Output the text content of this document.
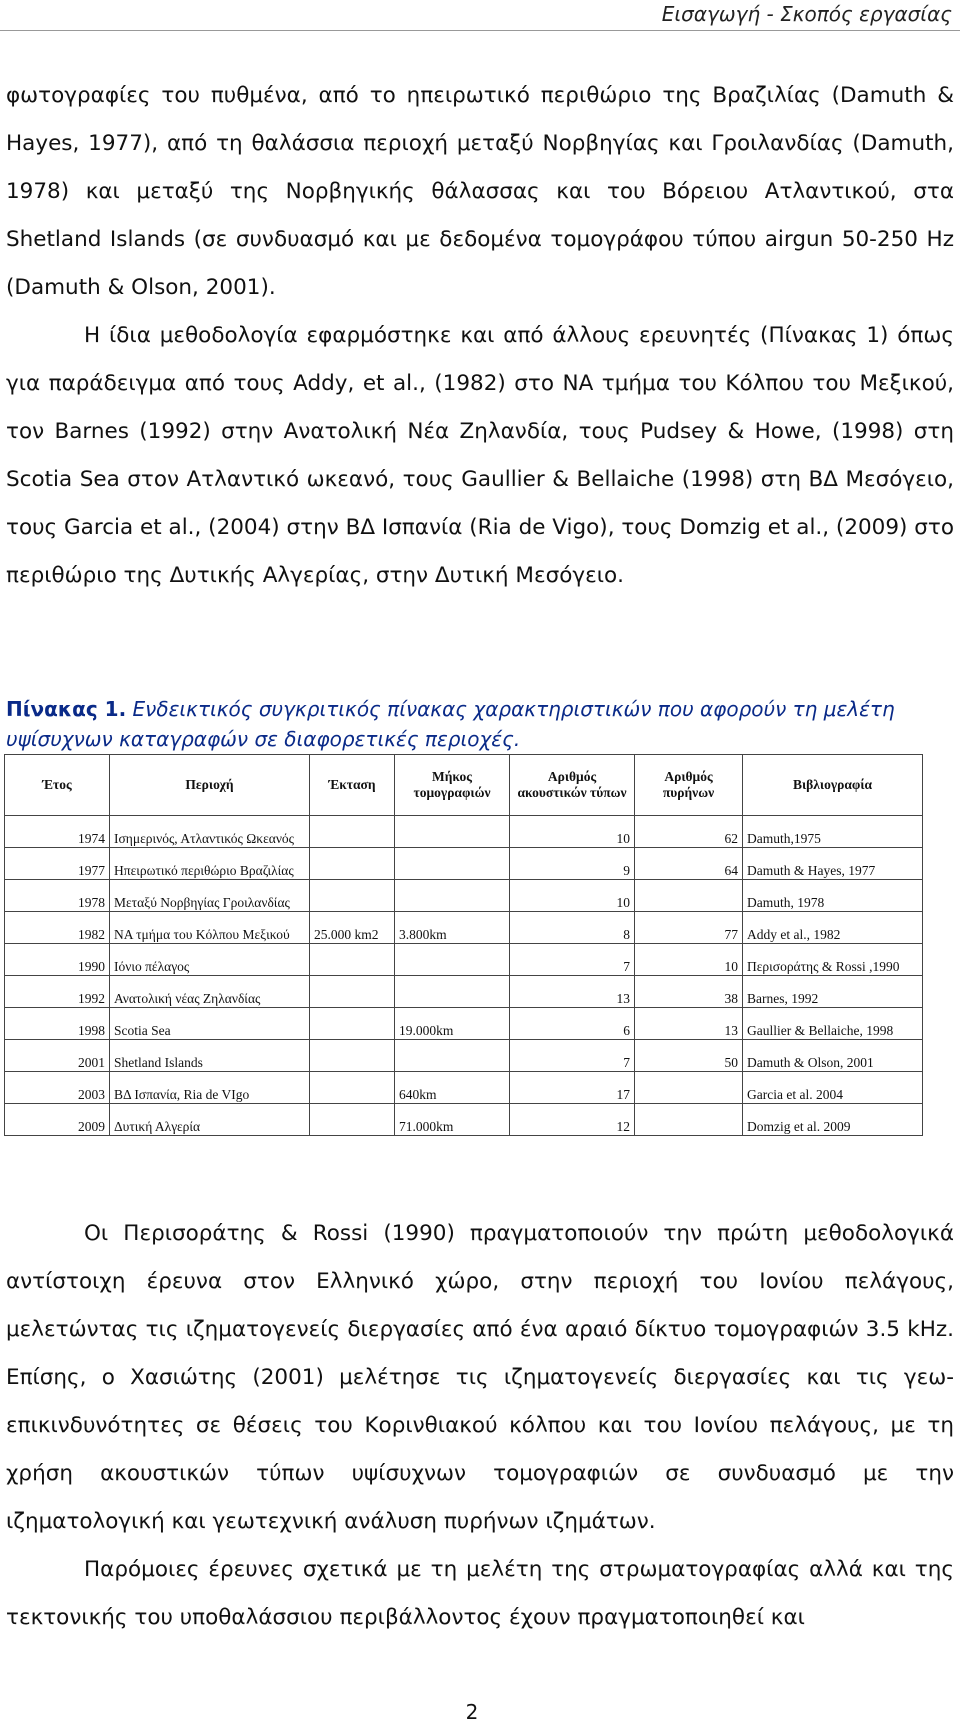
Εισαγωγή - Σκοπός εργασίας

φωτογραφίες του πυθμένα, από το ηπειρωτικό περιθώριο της Βραζιλίας (Damuth & Hayes, 1977), από τη θαλάσσια περιοχή μεταξύ Νορβηγίας και Γροιλανδίας (Damuth, 1978) και μεταξύ της Νορβηγικής θάλασσας και του Βόρειου Ατλαντικού, στα Shetland Islands (σε συνδυασμό και με δεδομένα τομογράφου τύπου airgun 50-250 Hz (Damuth & Olson, 2001).

Η ίδια μεθοδολογία εφαρμόστηκε και από άλλους ερευνητές (Πίνακας 1) όπως για παράδειγμα από τους Addy, et al., (1982) στο ΝΑ τμήμα του Κόλπου του Μεξικού, τον Barnes (1992) στην Ανατολική Νέα Ζηλανδία, τους Pudsey & Howe, (1998) στη Scotia Sea στον Ατλαντικό ωκεανό, τους Gaullier & Bellaiche (1998) στη ΒΔ Μεσόγειο, τους Garcia et al., (2004) στην ΒΔ Ισπανία (Ria de Vigo), τους Domzig et al., (2009) στο περιθώριο της Δυτικής Αλγερίας, στην Δυτική Μεσόγειο.

Πίνακας 1. Ενδεικτικός συγκριτικός πίνακας χαρακτηριστικών που αφορούν τη μελέτη υψίσυχνων καταγραφών σε διαφορετικές περιοχές.

Έτος	Περιοχή	Έκταση	Μήκος τομογραφιών	Αριθμός ακουστικών τύπων	Αριθμός πυρήνων	Βιβλιογραφία
1974	Ισημερινός, Ατλαντικός Ωκεανός			10	62	Damuth,1975
1977	Ηπειρωτικό περιθώριο Βραζιλίας			9	64	Damuth & Hayes, 1977
1978	Μεταξύ Νορβηγίας Γροιλανδίας			10		Damuth, 1978
1982	ΝΑ τμήμα του Κόλπου Μεξικού	25.000 km2	3.800km	8	77	Addy et al., 1982
1990	Ιόνιο πέλαγος			7	10	Περισοράτης & Rossi ,1990
1992	Ανατολική νέας Ζηλανδίας			13	38	Barnes, 1992
1998	Scotia Sea		19.000km	6	13	Gaullier & Bellaiche, 1998
2001	Shetland Islands			7	50	Damuth & Olson, 2001
2003	ΒΔ Ισπανία, Ria de VIgo		640km	17		Garcia et al. 2004
2009	Δυτική Αλγερία		71.000km	12		Domzig et al. 2009

Οι Περισοράτης & Rossi (1990) πραγματοποιούν την πρώτη μεθοδολογικά αντίστοιχη έρευνα στον Ελληνικό χώρο, στην περιοχή του Ιονίου πελάγους, μελετώντας τις ιζηματογενείς διεργασίες από ένα αραιό δίκτυο τομογραφιών 3.5 kHz. Επίσης, ο Χασιώτης (2001) μελέτησε τις ιζηματογενείς διεργασίες και τις γεω-επικινδυνότητες σε θέσεις του Κορινθιακού κόλπου και του Ιονίου πελάγους, με τη χρήση ακουστικών τύπων υψίσυχνων τομογραφιών σε συνδυασμό με την ιζηματολογική και γεωτεχνική ανάλυση πυρήνων ιζημάτων.

Παρόμοιες έρευνες σχετικά με τη μελέτη της στρωματογραφίας αλλά και της τεκτονικής του υποθαλάσσιου περιβάλλοντος έχουν πραγματοποιηθεί και

2
